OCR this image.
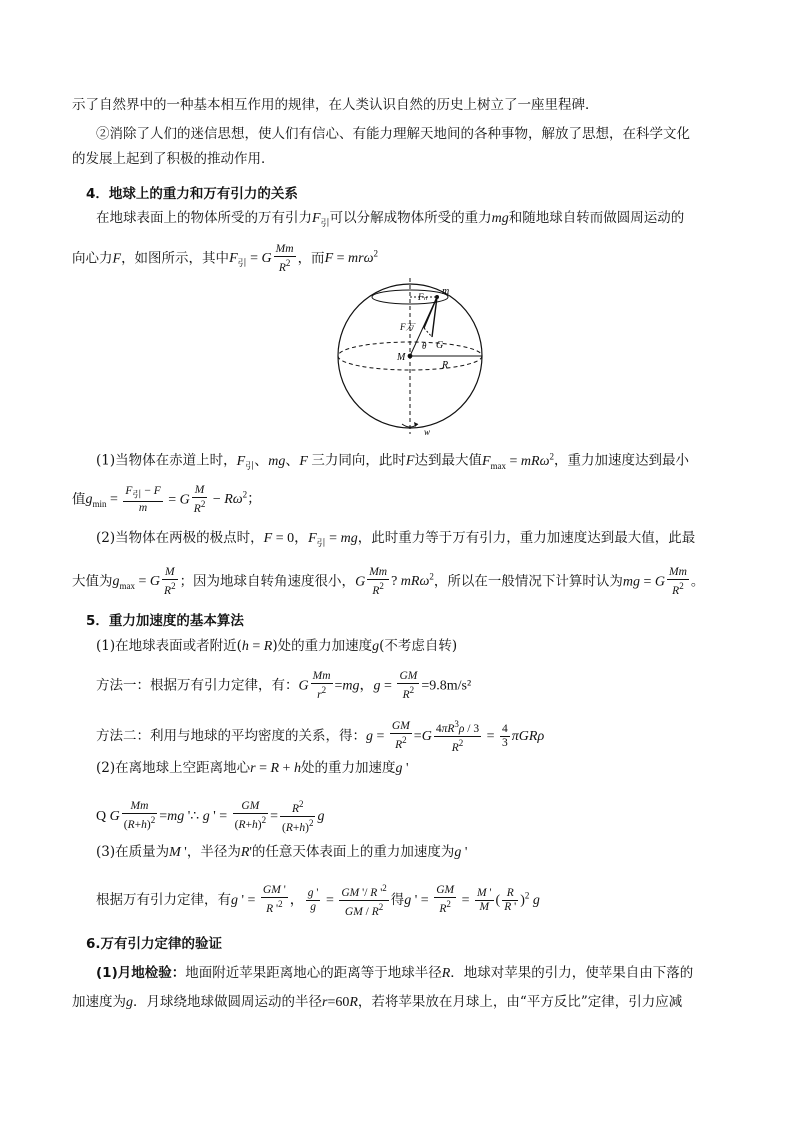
示了自然界中的一种基本相互作用的规律，在人类认识自然的历史上树立了一座里程碑．
②消除了人们的迷信思想，使人们有信心、有能力理解天地间的各种事物，解放了思想，在科学文化
的发展上起到了积极的推动作用．
4．地球上的重力和万有引力的关系
在地球表面上的物体所受的万有引力$F_引$可以分解成物体所受的重力mg和随地球自转而做圆周运动的
向心力F，如图所示，其中$F_引 = G \frac{Mm}{R^2}$ ，而F = mrω$^2$
m
Fₙ
F万
θ G
M
R
w
(1)当物体在赤道上时，$F_引$、mg、F 三力同向，此时F达到最大值$F_{max} = mR\omega^2$，重力加速度达到最小
值$g_{min} = \frac{F_引 - F}{m} = G \frac{M}{R^2} - R\omega^2$；
(2)当物体在两极的极点时，F = 0，$F_引$ = mg，此时重力等于万有引力，重力加速度达到最大值，此最
大值为$g_{max} = G \frac{M}{R^2}$ ；因为地球自转角速度很小，G $\frac{Mm}{R^2}$ ? mRω$^2$，所以在一般情况下计算时认为mg = G $\frac{Mm}{R^2}$ 。
5．重力加速度的基本算法
(1)在地球表面或者附近(h = R)处的重力加速度g(不考虑自转)
方法一：根据万有引力定律，有：G $\frac{Mm}{r^2} =mg$，$g = \frac{GM}{R^2} =9.8m/s^2$
方法二：利用与地球的平均密度的关系，得：$g = \frac{GM}{R^2} =G \frac{4\pi R^3\rho / 3}{R^2} = \frac{4}{3}$ πGRρ
(2)在离地球上空距离地心r = R + h处的重力加速度g '
Q G $\frac{Mm}{(R+h)^2} =mg$ '∴ g ' = $\frac{GM}{(R+h)^2} = \frac{R^2}{(R+h)^2}$ g
(3)在质量为M '，半径为R'的任意天体表面上的重力加速度为g '
根据万有引力定律，有g ' = $\frac{GM '}{R '^2}$ ， $\frac{g '}{g} = \frac{GM '/ R '^2}{GM / R^2}$ 得g ' = $\frac{GM}{R^2} = \frac{M '}{M}$ ( $\frac{R}{R '} )^2$ g
6.万有引力定律的验证
(1)月地检验：地面附近苹果距离地心的距离等于地球半径R．地球对苹果的引力，使苹果自由下落的
加速度为g．月球绕地球做圆周运动的半径r=60R，若将苹果放在月球上，由“平方反比”定律，引力应减
